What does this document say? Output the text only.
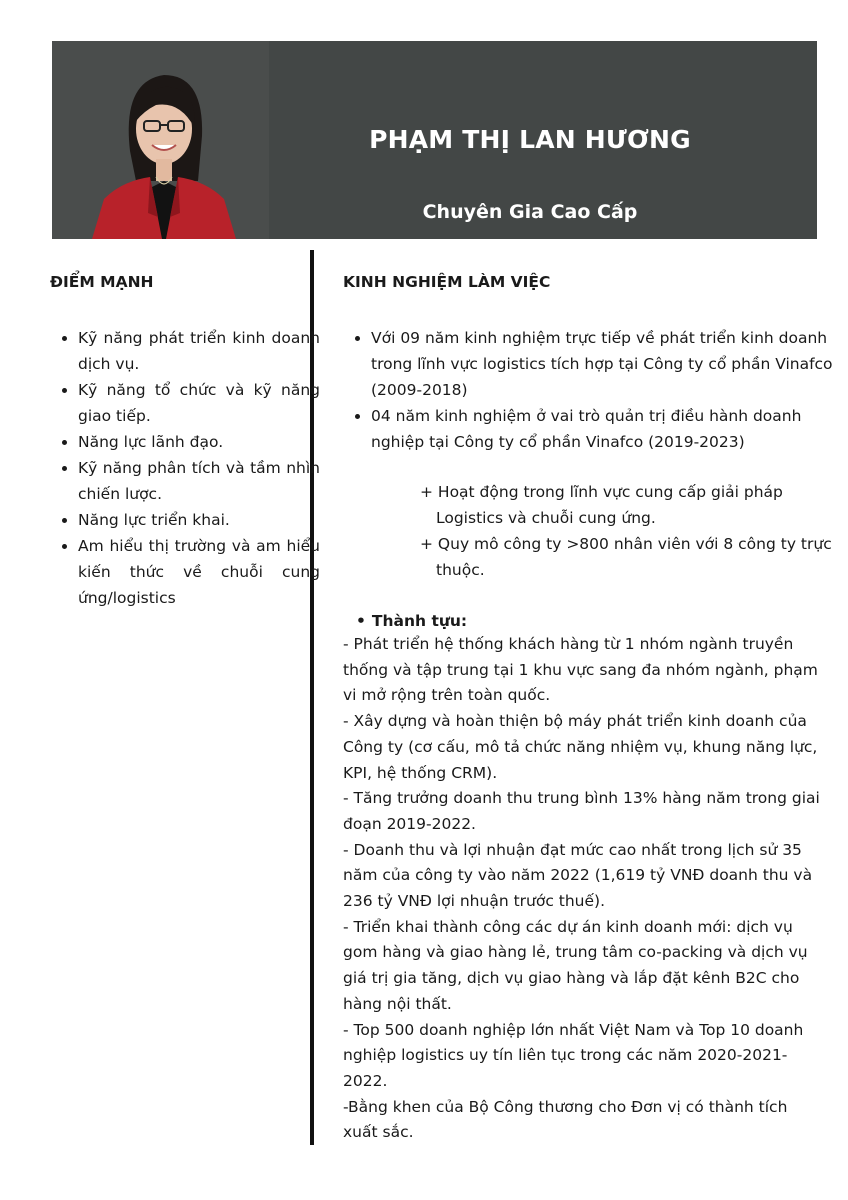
PHẠM THỊ LAN HƯƠNG
Chuyên Gia Cao Cấp
ĐIỂM MẠNH
• Kỹ năng phát triển kinh doanh dịch vụ.
• Kỹ năng tổ chức và kỹ năng giao tiếp.
• Năng lực lãnh đạo.
• Kỹ năng phân tích và tầm nhìn chiến lược.
• Năng lực triển khai.
• Am hiểu thị trường và am hiểu kiến thức về chuỗi cung ứng/logistics
KINH NGHIỆM LÀM VIỆC
• Với 09 năm kinh nghiệm trực tiếp về phát triển kinh doanh trong lĩnh vực logistics tích hợp tại Công ty cổ phần Vinafco (2009-2018)
• 04 năm kinh nghiệm ở vai trò quản trị điều hành doanh nghiệp tại Công ty cổ phần Vinafco (2019-2023)
+ Hoạt động trong lĩnh vực cung cấp giải pháp Logistics và chuỗi cung ứng.
+ Quy mô công ty >800 nhân viên với 8 công ty trực thuộc.
• Thành tựu:

- Phát triển hệ thống khách hàng từ 1 nhóm ngành truyền thống và tập trung tại 1 khu vực sang đa nhóm ngành, phạm vi mở rộng trên toàn quốc.

- Xây dựng và hoàn thiện bộ máy phát triển kinh doanh của Công ty (cơ cấu, mô tả chức năng nhiệm vụ, khung năng lực, KPI, hệ thống CRM).

- Tăng trưởng doanh thu trung bình 13% hàng năm trong giai đoạn 2019-2022.

- Doanh thu và lợi nhuận đạt mức cao nhất trong lịch sử 35 năm của công ty vào năm 2022 (1,619 tỷ VNĐ doanh thu và 236 tỷ VNĐ lợi nhuận trước thuế).

- Triển khai thành công các dự án kinh doanh mới: dịch vụ gom hàng và giao hàng lẻ, trung tâm co-packing và dịch vụ giá trị gia tăng, dịch vụ giao hàng và lắp đặt kênh B2C cho hàng nội thất.

- Top 500 doanh nghiệp lớn nhất Việt Nam và Top 10 doanh nghiệp logistics uy tín liên tục trong các năm 2020-2021-2022.

-Bằng khen của Bộ Công thương cho Đơn vị có thành tích xuất sắc.
